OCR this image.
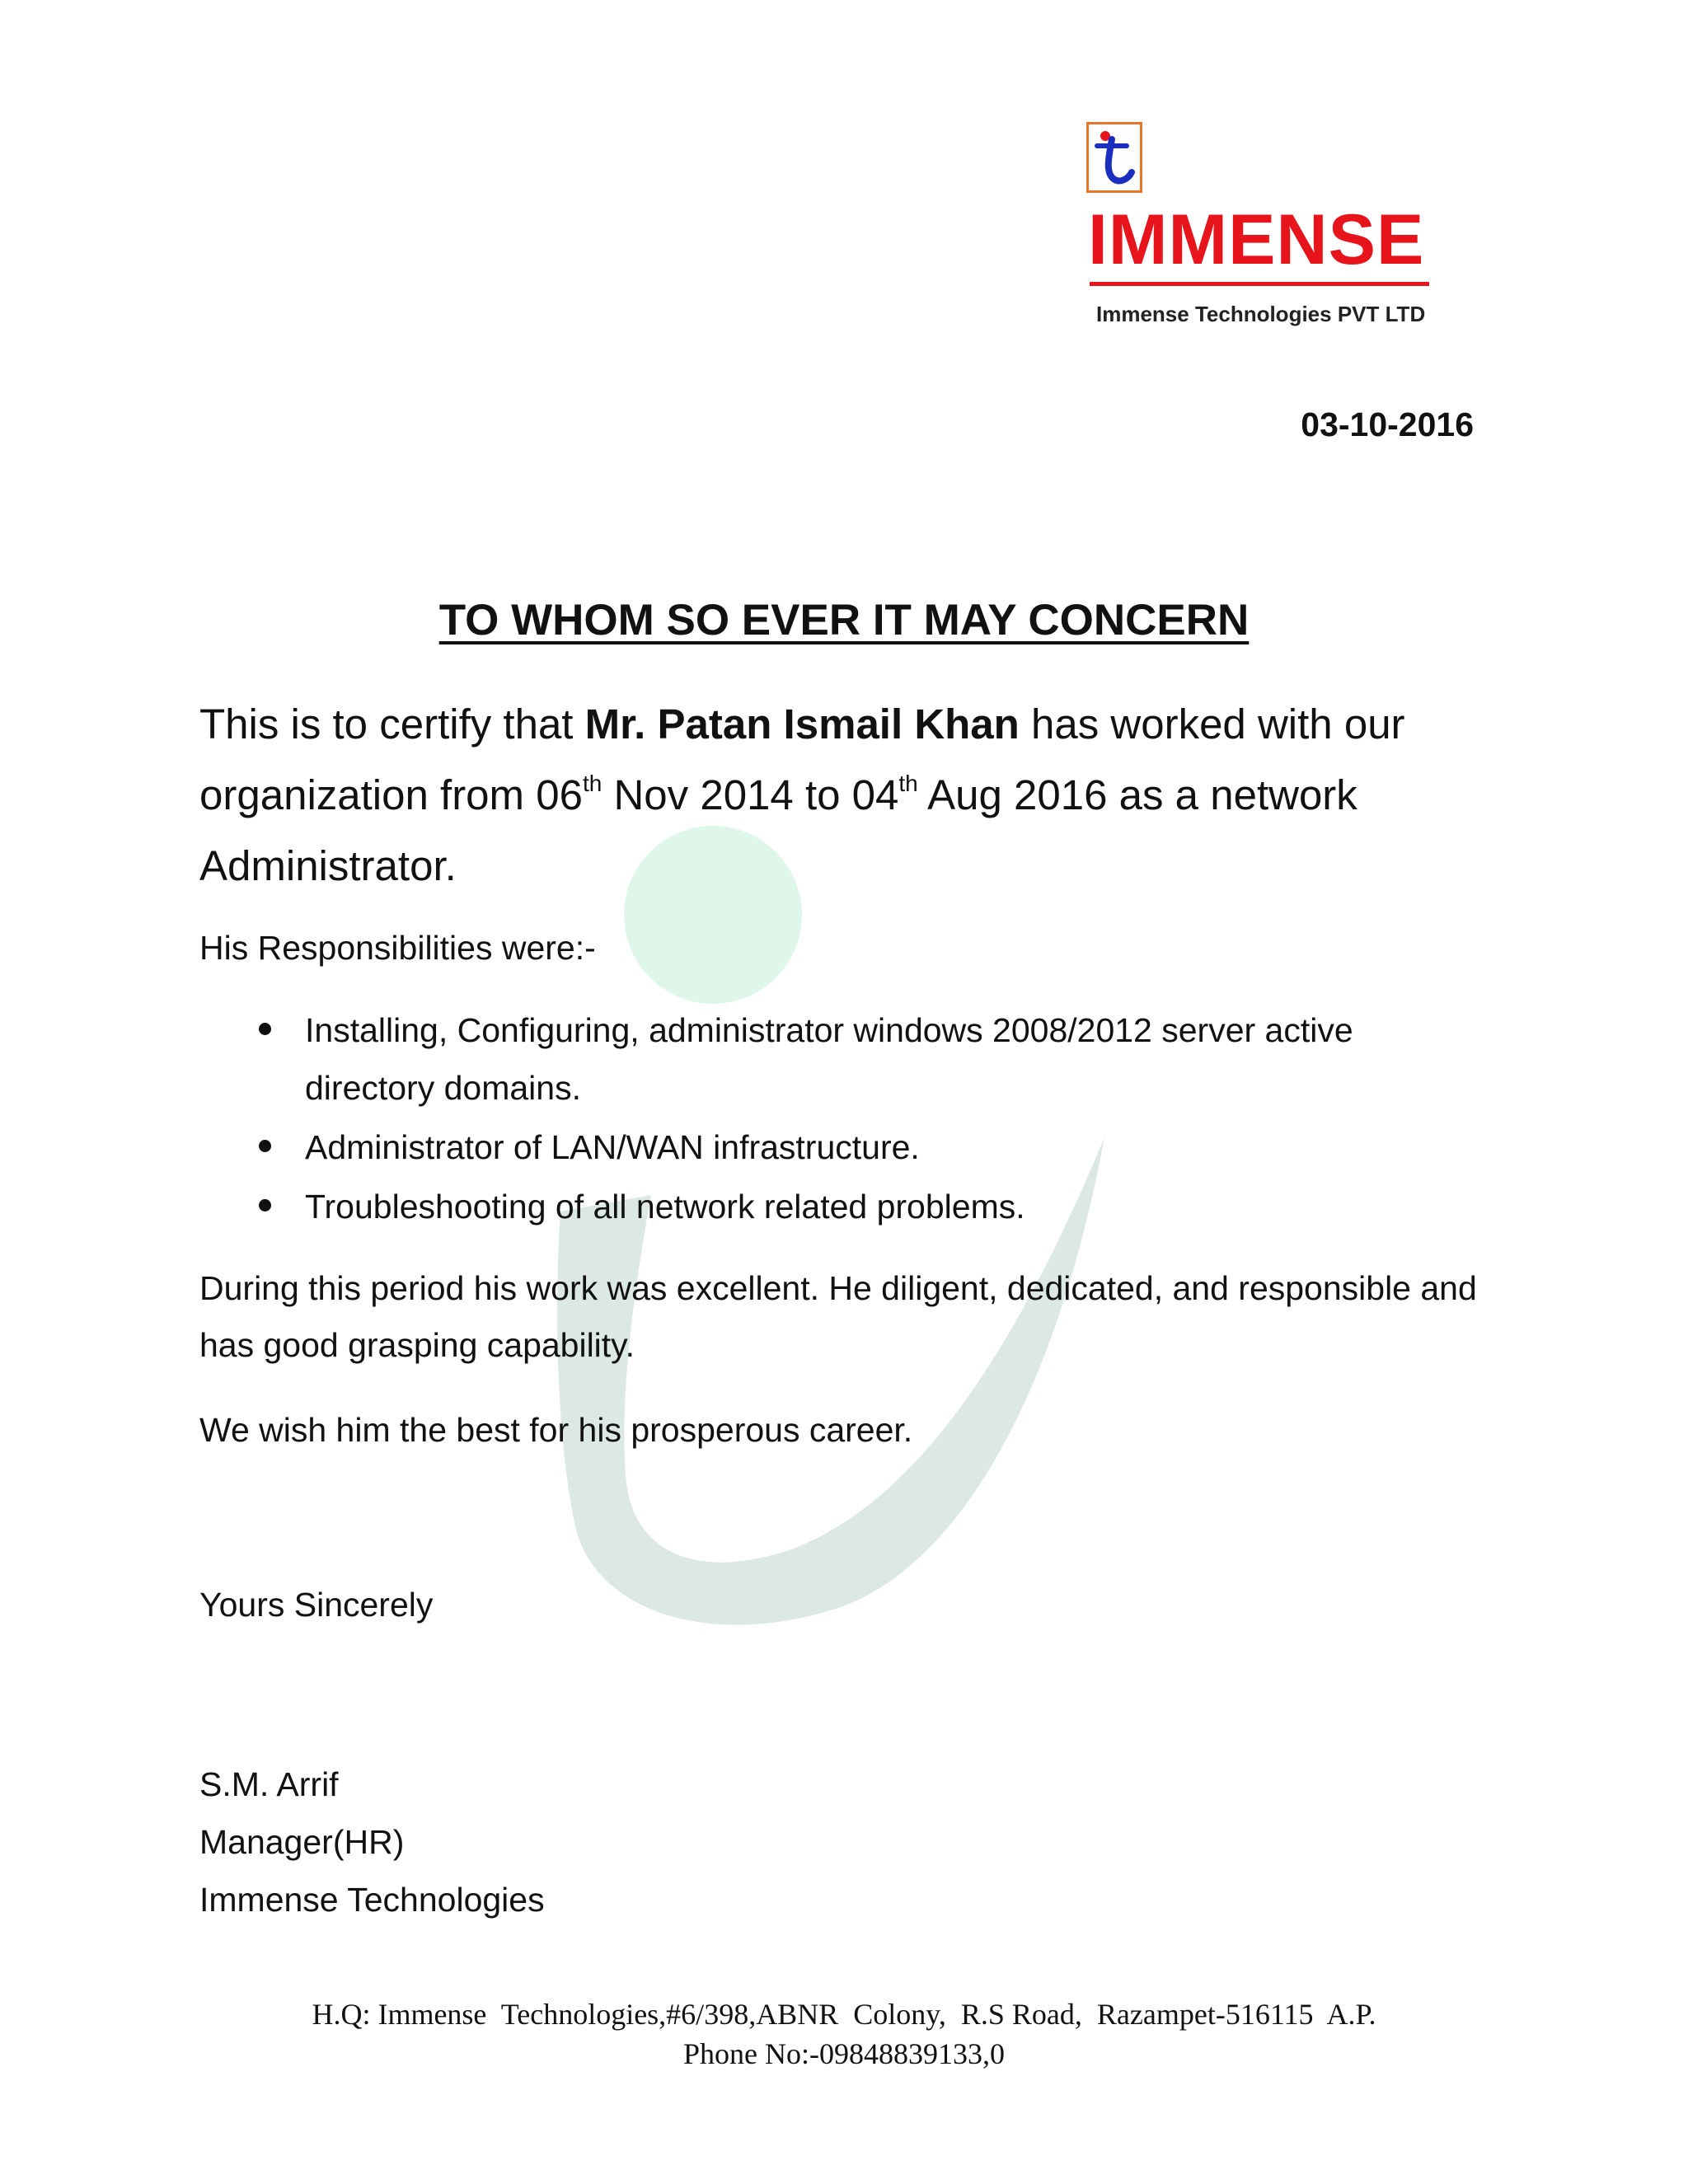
IMMENSE
Immense Technologies PVT LTD
03-10-2016
TO WHOM SO EVER IT MAY CONCERN

This is to certify that Mr. Patan Ismail Khan has worked with our organization from 06th Nov 2014 to 04th Aug 2016 as a network Administrator.

His Responsibilities were:-

Installing, Configuring, administrator windows 2008/2012 server active directory domains.
Administrator of LAN/WAN infrastructure.
Troubleshooting of all network related problems.

During this period his work was excellent. He diligent, dedicated, and responsible and has good grasping capability.

We wish him the best for his prosperous career.

Yours Sincerely
S.M. Arrif
Manager(HR)
Immense Technologies
H.Q: Immense  Technologies,#6/398,ABNR  Colony,  R.S Road,  Razampet-516115  A.P.
Phone No:-09848839133,0
